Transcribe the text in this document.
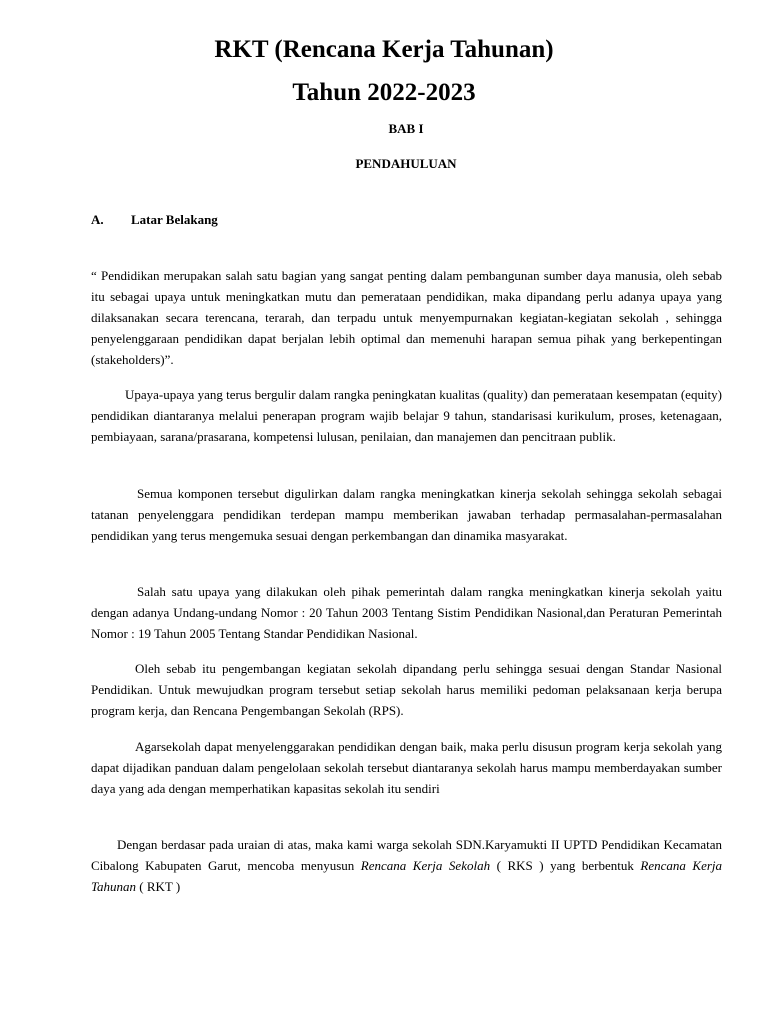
RKT (Rencana Kerja Tahunan)
Tahun 2022-2023
BAB I
PENDAHULUAN
A. Latar Belakang

“ Pendidikan merupakan salah satu bagian yang sangat penting dalam pembangunan sumber daya manusia, oleh sebab itu sebagai upaya untuk meningkatkan mutu dan pemerataan pendidikan, maka dipandang perlu adanya upaya yang dilaksanakan secara terencana, terarah, dan terpadu untuk menyempurnakan kegiatan-kegiatan sekolah , sehingga penyelenggaraan pendidikan dapat berjalan lebih optimal dan memenuhi harapan semua pihak yang berkepentingan (stakeholders)”.

Upaya-upaya yang terus bergulir dalam rangka peningkatan kualitas (quality) dan pemerataan kesempatan (equity) pendidikan diantaranya melalui penerapan program wajib belajar 9 tahun, standarisasi kurikulum, proses, ketenagaan, pembiayaan, sarana/prasarana, kompetensi lulusan, penilaian, dan manajemen dan pencitraan publik.

Semua komponen tersebut digulirkan dalam rangka meningkatkan kinerja sekolah sehingga sekolah sebagai tatanan penyelenggara pendidikan terdepan mampu memberikan jawaban terhadap permasalahan-permasalahan pendidikan yang terus mengemuka sesuai dengan perkembangan dan dinamika masyarakat.

Salah satu upaya yang dilakukan oleh pihak pemerintah dalam rangka meningkatkan kinerja sekolah yaitu dengan adanya Undang-undang Nomor : 20 Tahun 2003 Tentang Sistim Pendidikan Nasional,dan Peraturan Pemerintah Nomor : 19 Tahun 2005 Tentang Standar Pendidikan Nasional.

Oleh sebab itu pengembangan kegiatan sekolah dipandang perlu sehingga sesuai dengan Standar Nasional Pendidikan. Untuk mewujudkan program tersebut setiap sekolah harus memiliki pedoman pelaksanaan kerja berupa program kerja, dan Rencana Pengembangan Sekolah (RPS).

Agarsekolah dapat menyelenggarakan pendidikan dengan baik, maka perlu disusun program kerja sekolah yang dapat dijadikan panduan dalam pengelolaan sekolah tersebut diantaranya sekolah harus mampu memberdayakan sumber daya yang ada dengan memperhatikan kapasitas sekolah itu sendiri

Dengan berdasar pada uraian di atas, maka kami warga sekolah SDN.Karyamukti II UPTD Pendidikan Kecamatan Cibalong Kabupaten Garut, mencoba menyusun Rencana Kerja Sekolah ( RKS ) yang berbentuk Rencana Kerja Tahunan ( RKT )
